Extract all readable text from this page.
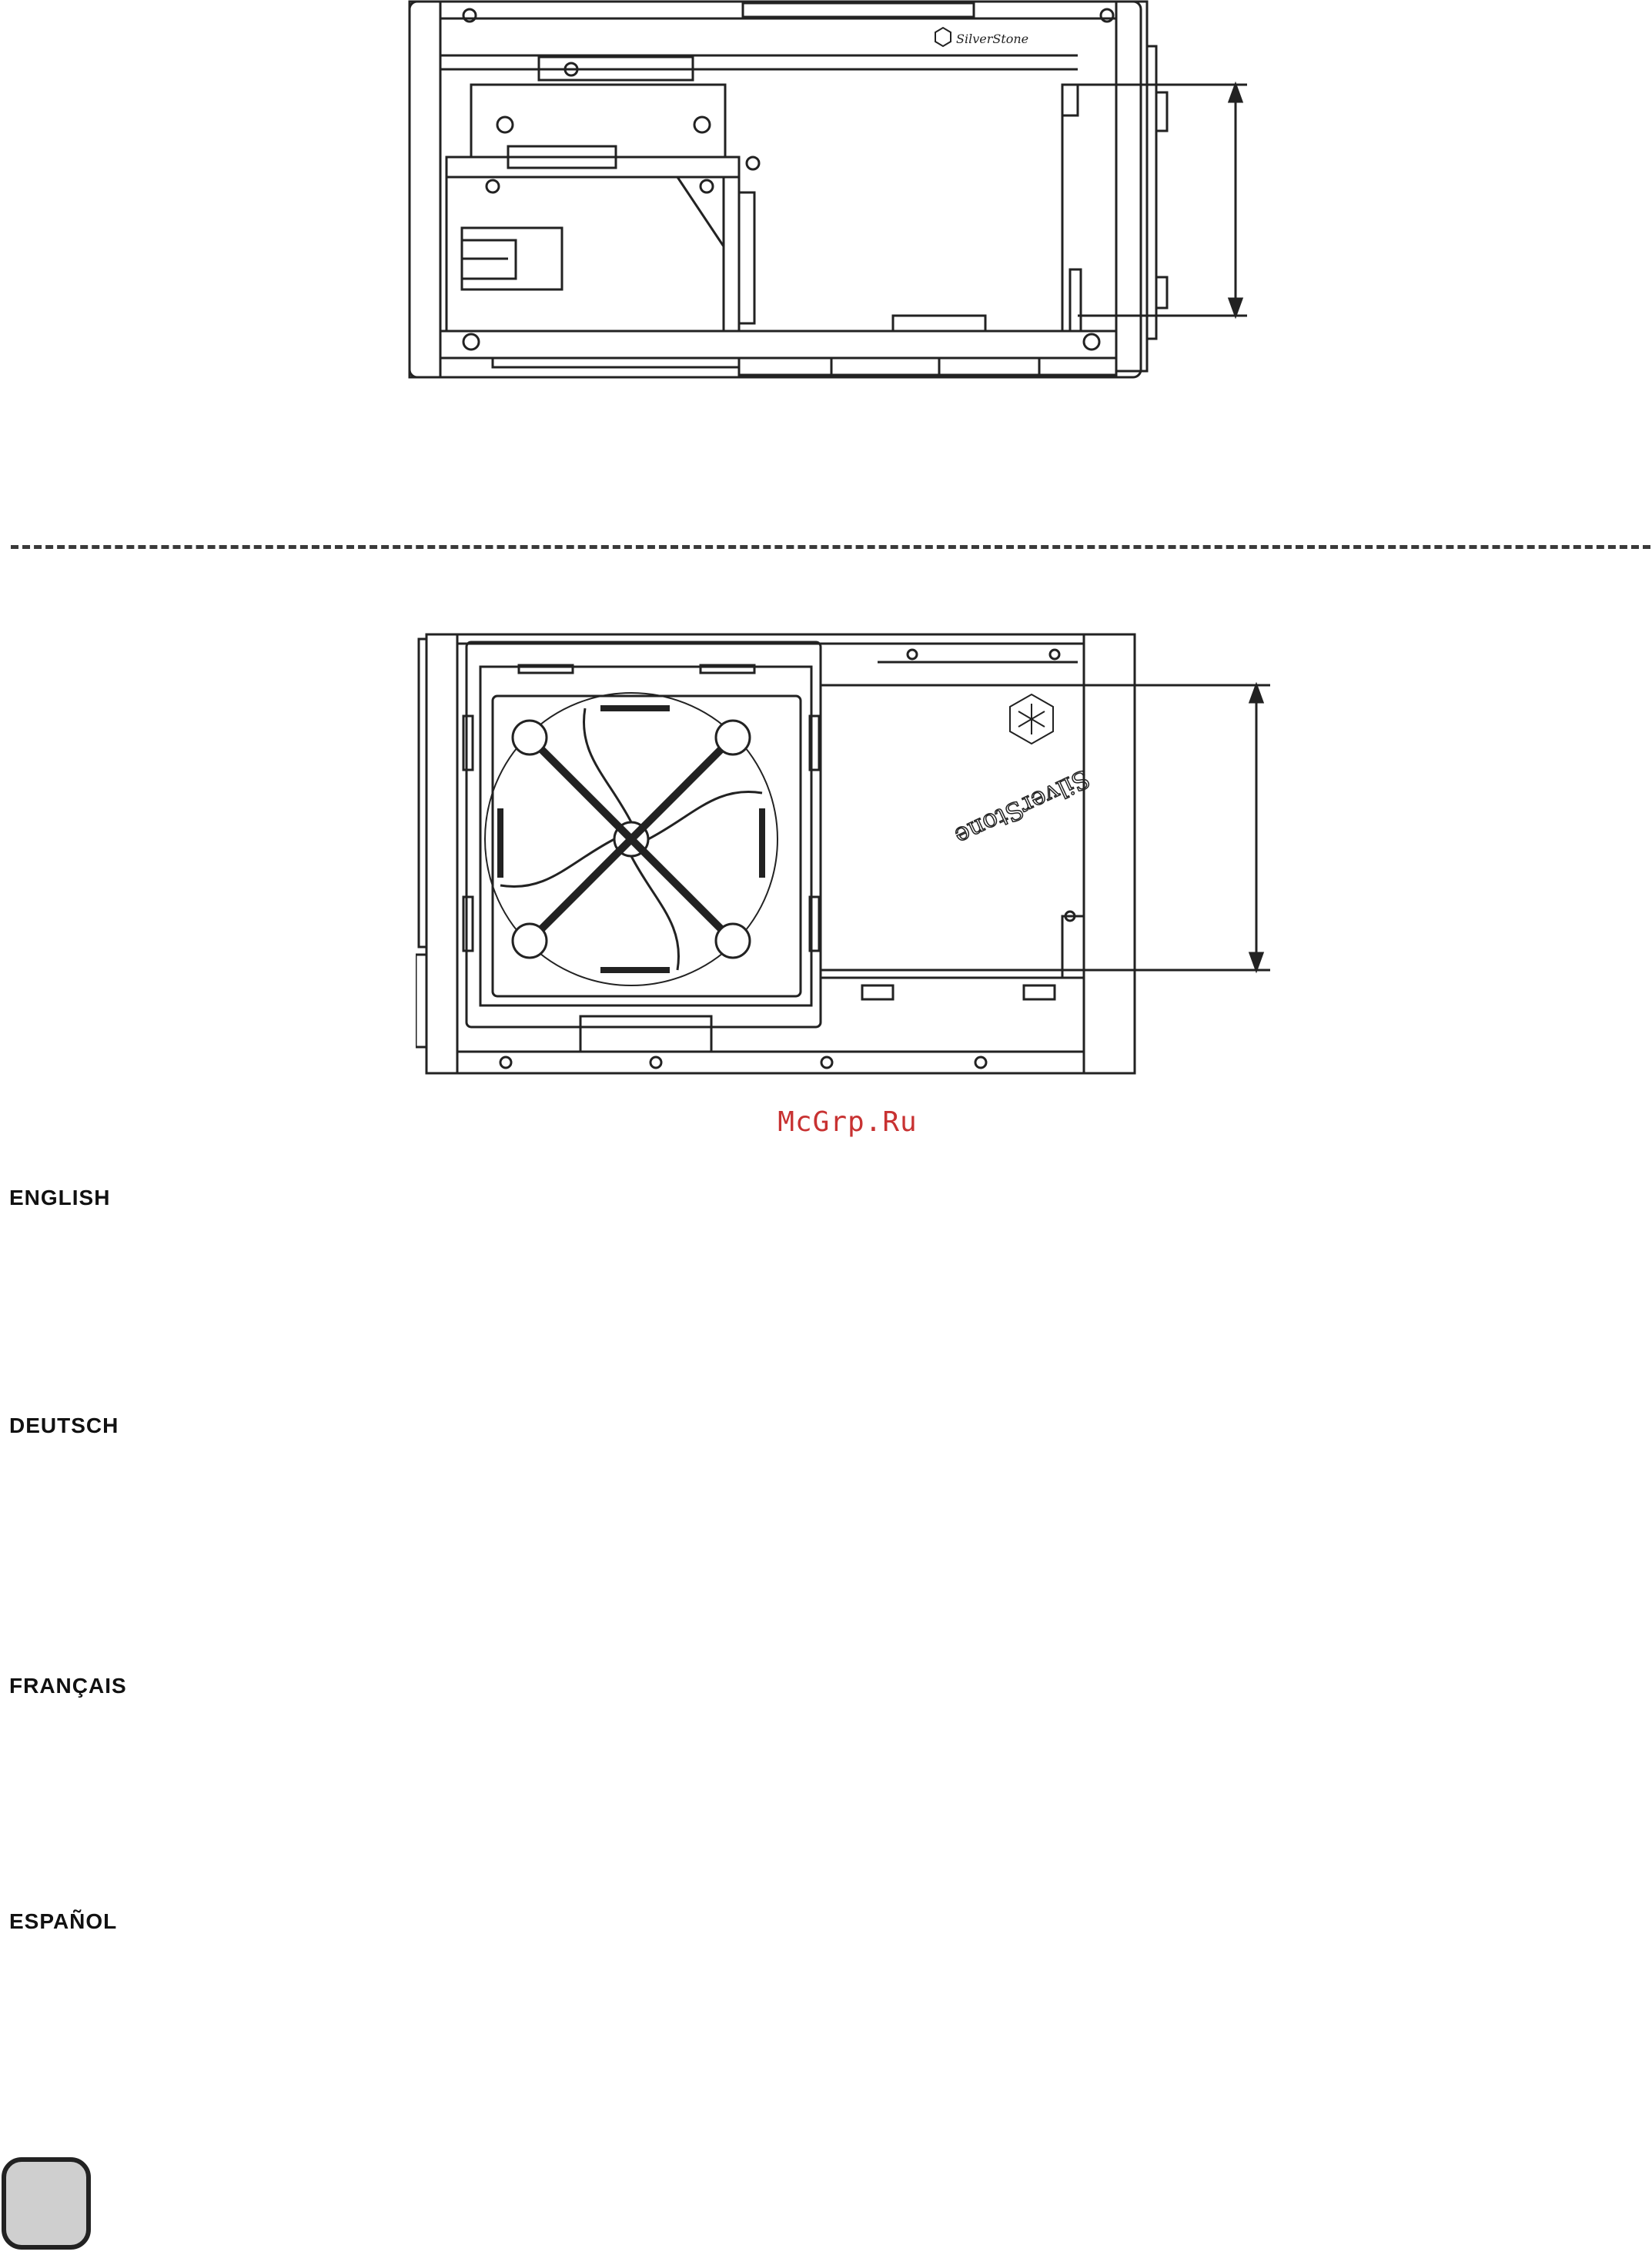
SilverStone
SilverStone
McGrp.Ru
ENGLISH
DEUTSCH
FRANÇAIS
ESPAÑOL
